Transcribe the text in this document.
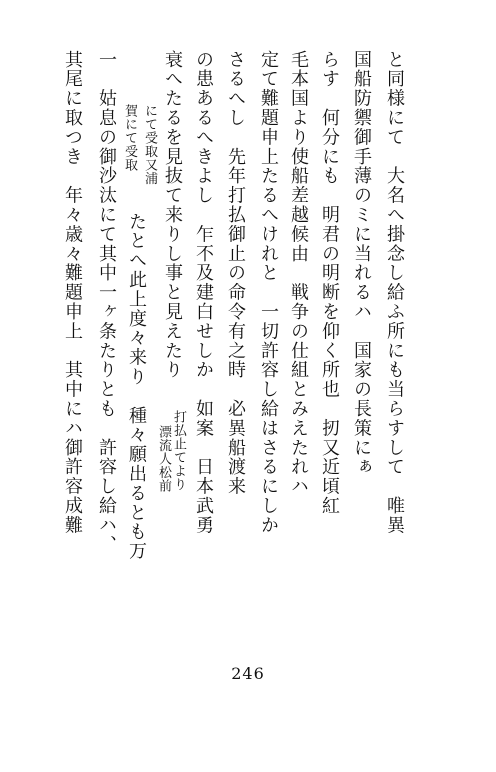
と同様にて　大名へ掛念し給ふ所にも当らすして　唯異
国船防禦御手薄のミに当れるハ　国家の長策にぁ
らす　何分にも　明君の明断を仰く所也　扨又近頃紅
毛本国より使船差越候由　戦争の仕組とみえたれハ
定て難題申上たるへけれと　一切許容し給はさるにしか
さるへし　先年打払御止の命令有之時　必異船渡来
の患あるへきよし　乍不及建白せしか　如案　日本武勇
衰へたるを見抜て来りし事と見えたり
打払止てより
漂流人松前
にて受取又浦
賀にて受取
たとへ此上度々来り　種々願出るとも万
一　姑息の御沙汰にて其中一ヶ条たりとも　許容し給ハ、
其尾に取つき　年々歳々難題申上　其中にハ御許容成難
246
